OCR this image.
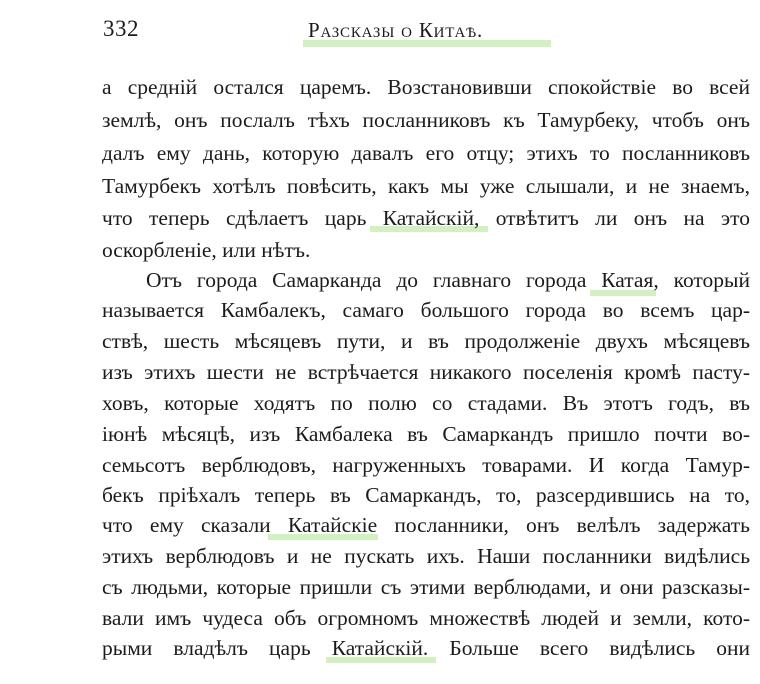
332	Разсказы о Китаѣ.
а средній остался царемъ. Возстановивши спокойствіе во всей
землѣ, онъ послалъ тѣхъ посланниковъ къ Тамурбеку, чтобъ онъ
далъ ему дань, которую давалъ его отцу; этихъ то посланниковъ
Тамурбекъ хотѣлъ повѣсить, какъ мы уже слышали, и не знаемъ,
что теперь сдѣлаетъ царь Катайскій, отвѣтитъ ли онъ на это
оскорбленіе, или нѣтъ.
Отъ города Самарканда до главнаго города Катая, который
называется Камбалекъ, самаго большого города во всемъ цар-
ствѣ, шесть мѣсяцевъ пути, и въ продолженіе двухъ мѣсяцевъ
изъ этихъ шести не встрѣчается никакого поселенія кромѣ пасту-
ховъ, которые ходятъ по полю со стадами. Въ этотъ годъ, въ
іюнѣ мѣсяцѣ, изъ Камбалека въ Самаркандъ пришло почти во-
семьсотъ верблюдовъ, нагруженныхъ товарами. И когда Тамур-
бекъ пріѣхалъ теперь въ Самаркандъ, то, разсердившись на то,
что ему сказали Катайскіе посланники, онъ велѣлъ задержать
этихъ верблюдовъ и не пускать ихъ. Наши посланники видѣлись
съ людьми, которые пришли съ этими верблюдами, и они разсказы-
вали имъ чудеса объ огромномъ множествѣ людей и земли, кото-
рыми владѣлъ царь Катайскій. Больше всего видѣлись они
